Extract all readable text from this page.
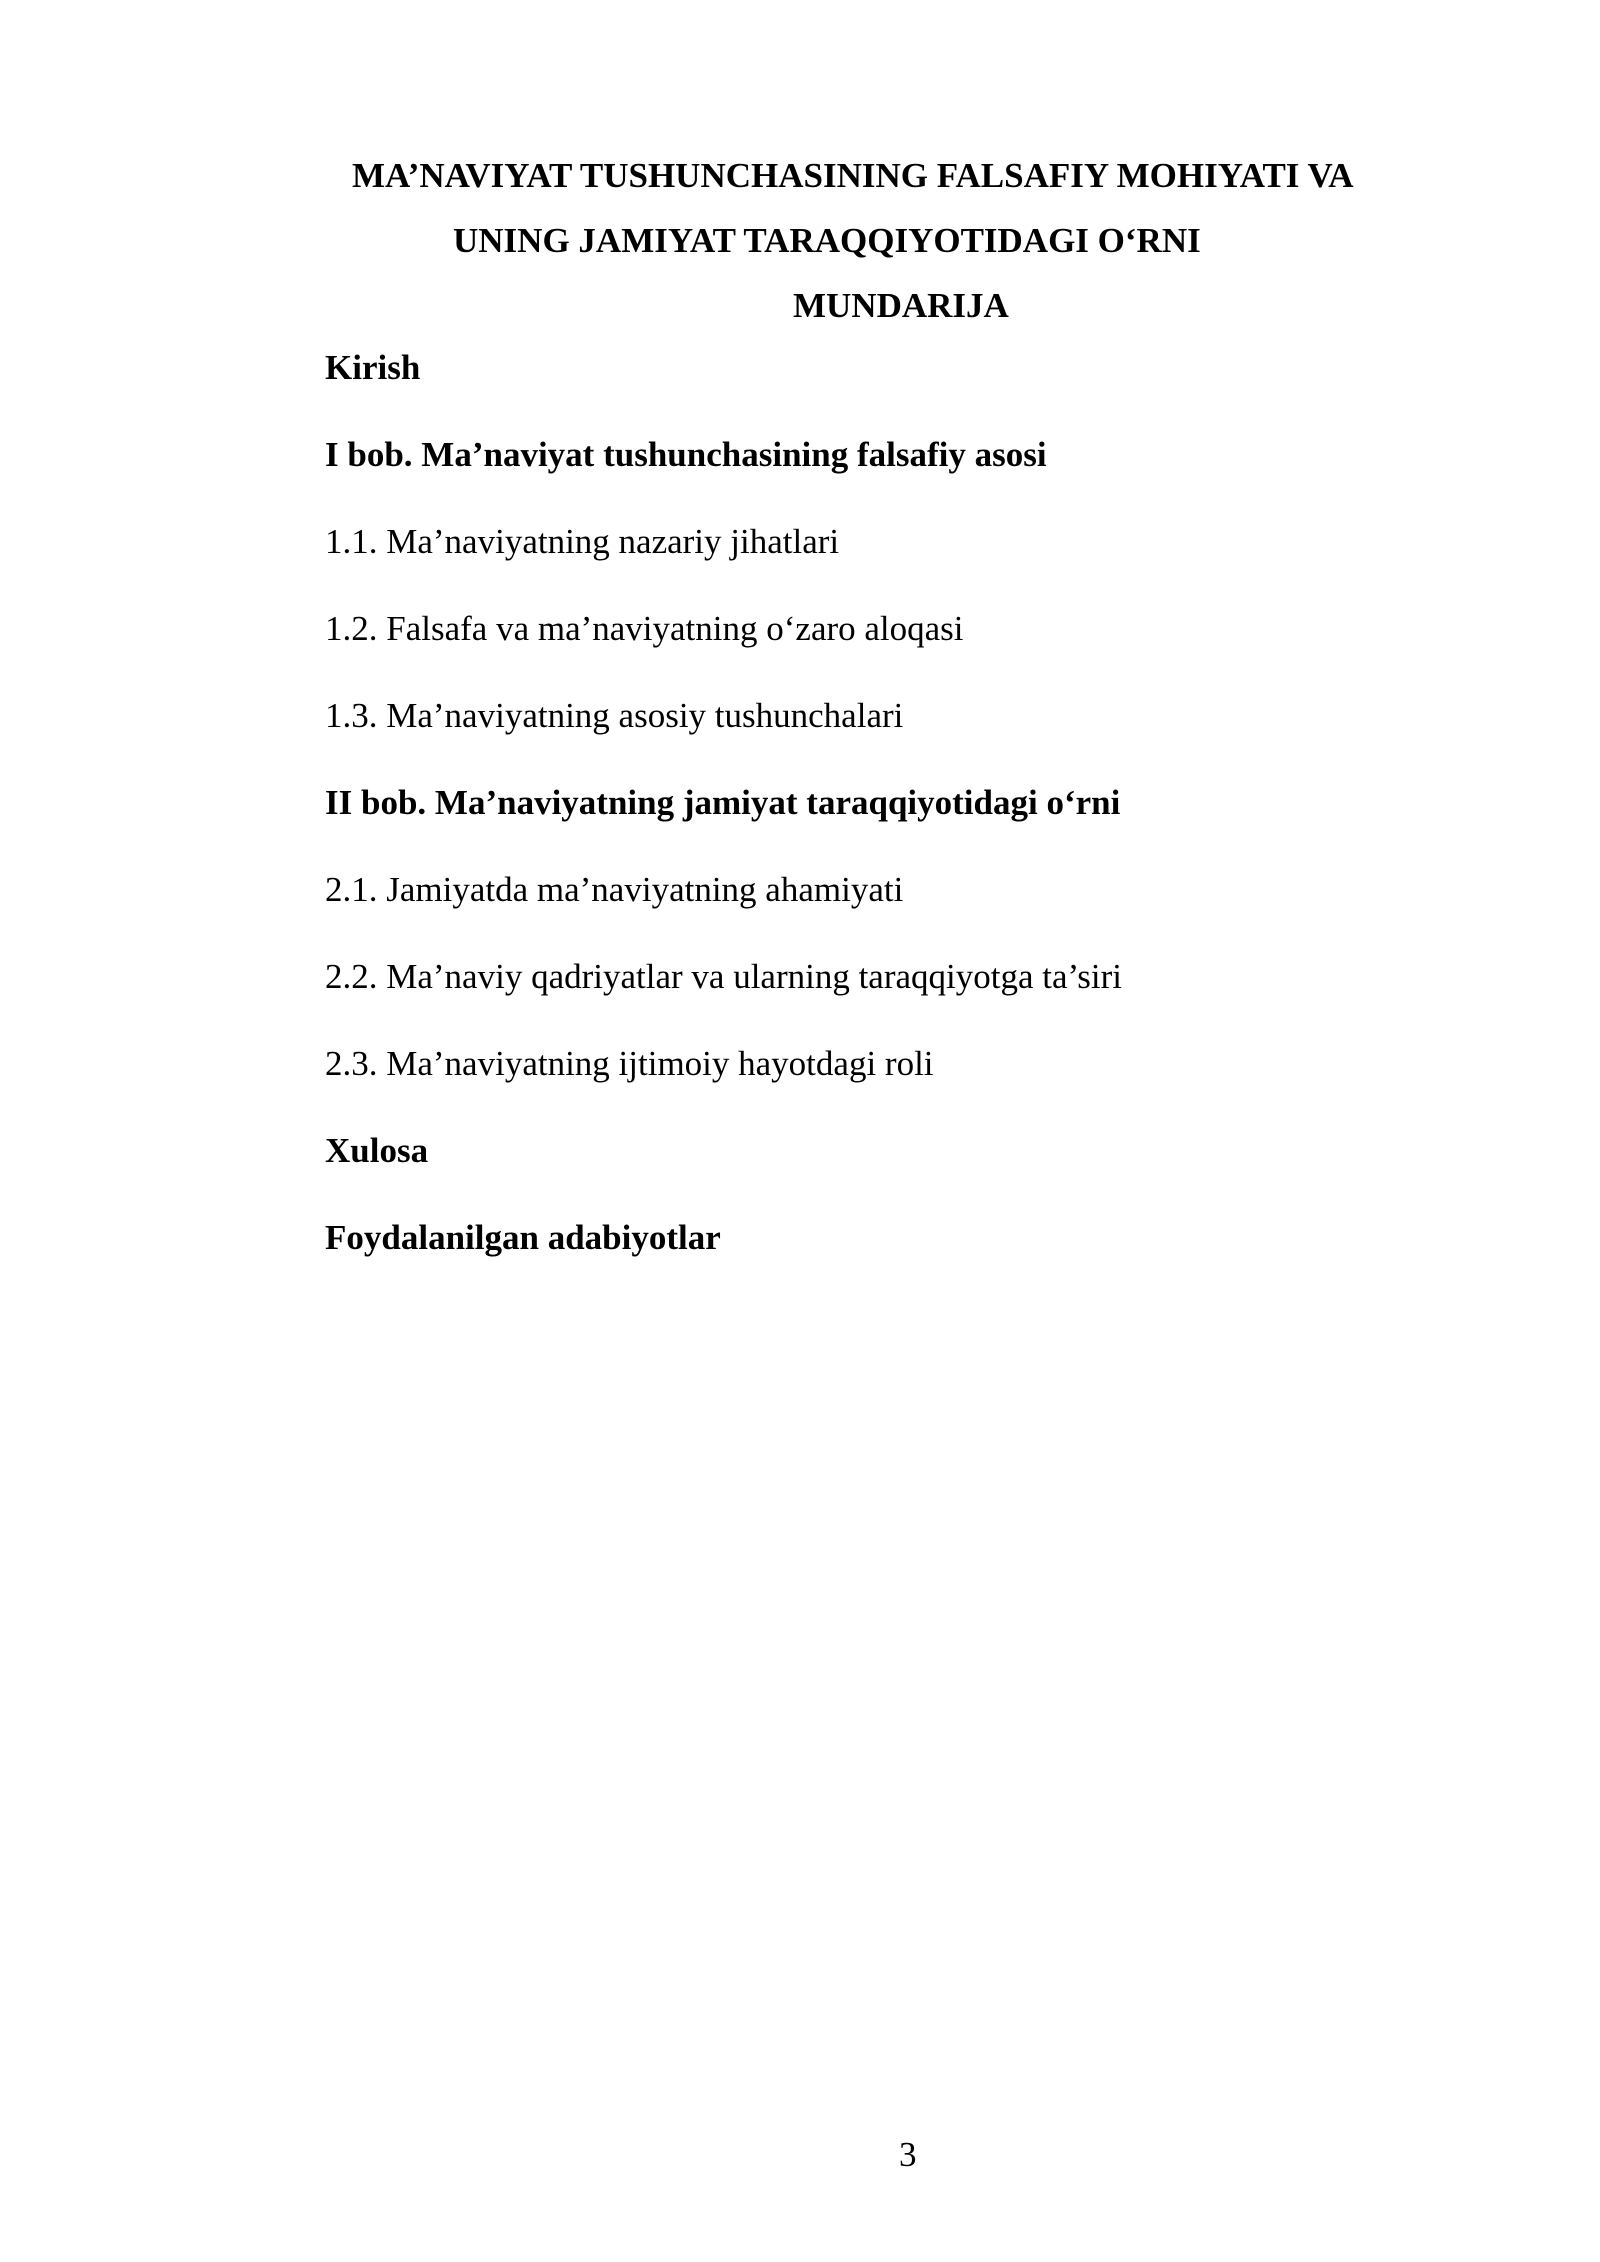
MA’NAVIYAT TUSHUNCHASINING FALSAFIY MOHIYATI VA
UNING JAMIYAT TARAQQIYOTIDAGI O‘RNI
MUNDARIJA
Kirish
I bob. Ma’naviyat tushunchasining falsafiy asosi
1.1. Ma’naviyatning nazariy jihatlari
1.2. Falsafa va ma’naviyatning o‘zaro aloqasi
1.3. Ma’naviyatning asosiy tushunchalari
II bob. Ma’naviyatning jamiyat taraqqiyotidagi o‘rni
2.1. Jamiyatda ma’naviyatning ahamiyati
2.2. Ma’naviy qadriyatlar va ularning taraqqiyotga ta’siri
2.3. Ma’naviyatning ijtimoiy hayotdagi roli
Xulosa
Foydalanilgan adabiyotlar
3
